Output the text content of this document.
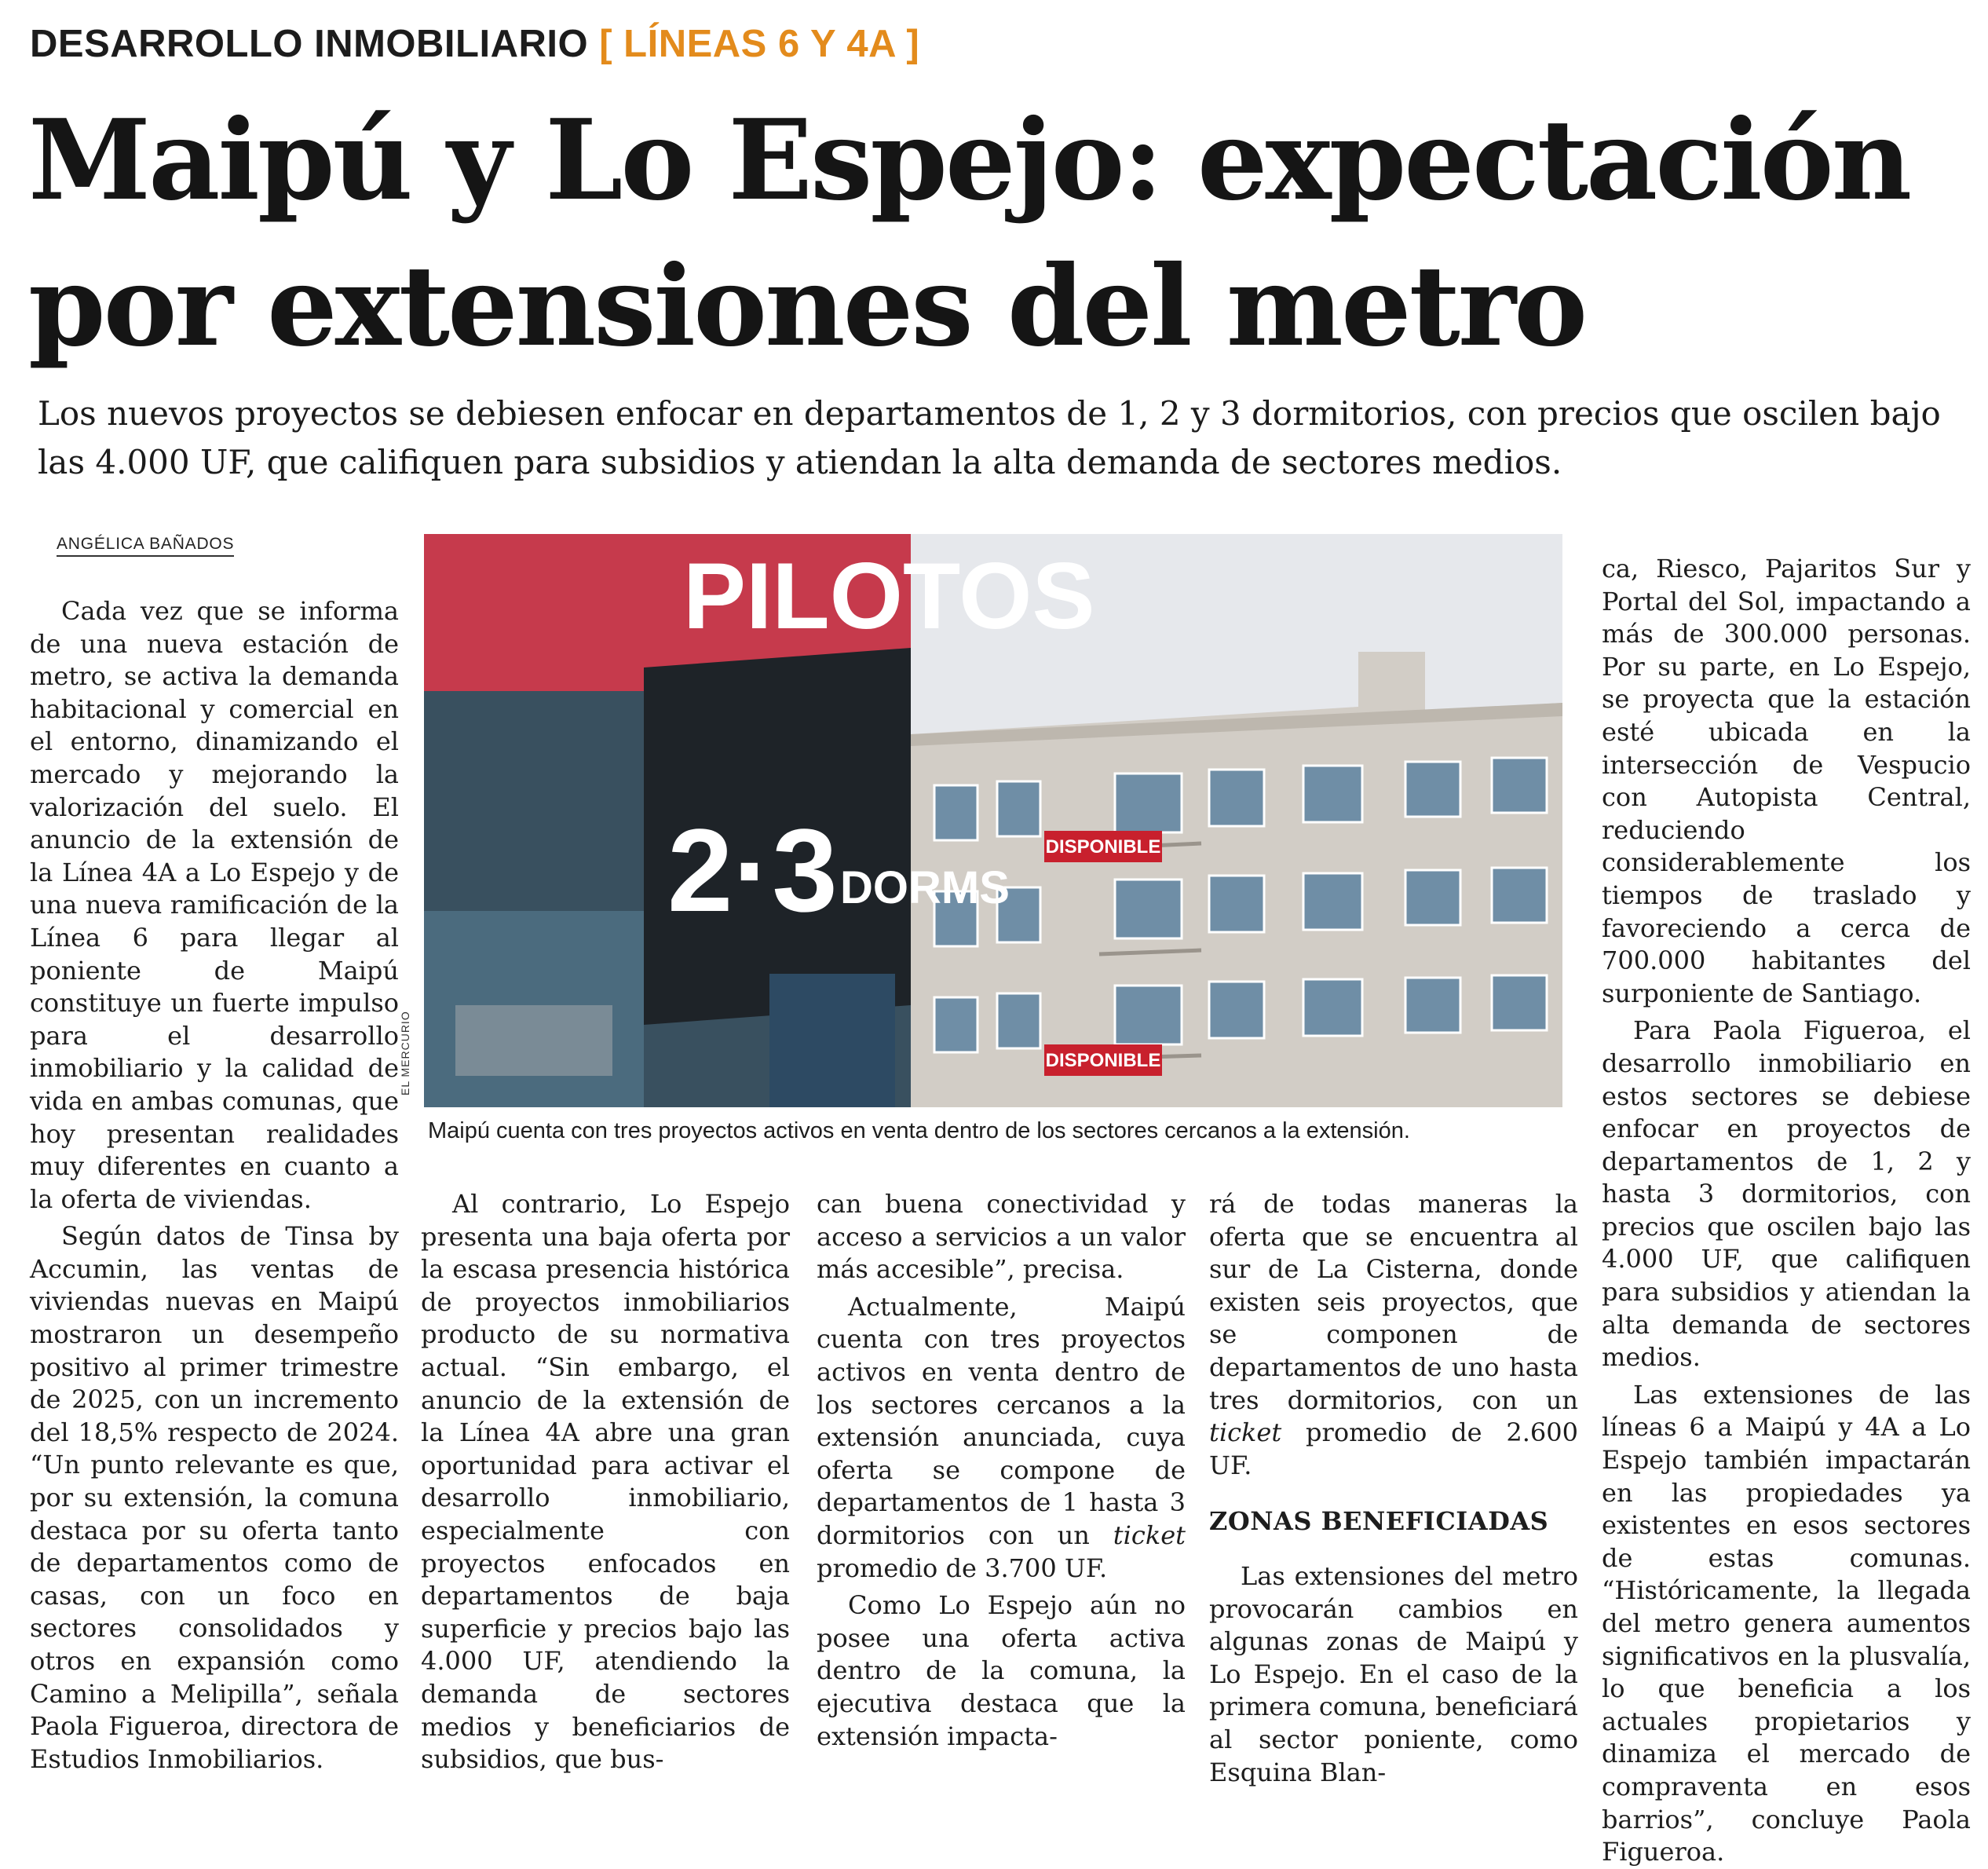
DESARROLLO INMOBILIARIO [ LÍNEAS 6 Y 4A ]
Maipú y Lo Espejo: expectación
por extensiones del metro
Los nuevos proyectos se debiesen enfocar en departamentos de 1, 2 y 3 dormitorios, con precios que oscilen bajo las 4.000 UF, que califiquen para subsidios y atiendan la alta demanda de sectores medios.
ANGÉLICA BAÑADOS

Cada vez que se informa de una nueva estación de metro, se activa la demanda habitacional y comercial en el entorno, dinamizando el mercado y mejorando la valorización del suelo. El anuncio de la extensión de la Línea 4A a Lo Espejo y de una nueva ramificación de la Línea 6 para llegar al poniente de Maipú constituye un fuerte impulso para el desarrollo inmobiliario y la calidad de vida en ambas comunas, que hoy presentan realidades muy diferentes en cuanto a la oferta de viviendas.

Según datos de Tinsa by Accumin, las ventas de viviendas nuevas en Maipú mostraron un desempeño positivo al primer trimestre de 2025, con un incremento del 18,5% respecto de 2024. “Un punto relevante es que, por su extensión, la comuna destaca por su oferta tanto de departamentos como de casas, con un foco en sectores consolidados y otros en expansión como Camino a Melipilla”, señala Paola Figueroa, directora de Estudios Inmobiliarios.

DISPONIBLE
DISPONIBLE
PILOTOS
2·3 DORMS
EL MERCURIO
Maipú cuenta con tres proyectos activos en venta dentro de los sectores cercanos a la extensión.

Al contrario, Lo Espejo presenta una baja oferta por la escasa presencia histórica de proyectos inmobiliarios producto de su normativa actual. “Sin embargo, el anuncio de la extensión de la Línea 4A abre una gran oportunidad para activar el desarrollo inmobiliario, especialmente con proyectos enfocados en departamentos de baja superficie y precios bajo las 4.000 UF, atendiendo la demanda de sectores medios y beneficiarios de subsidios, que bus-

can buena conectividad y acceso a servicios a un valor más accesible”, precisa.

Actualmente, Maipú cuenta con tres proyectos activos en venta dentro de los sectores cercanos a la extensión anunciada, cuya oferta se compone de departamentos de 1 hasta 3 dormitorios con un ticket promedio de 3.700 UF.

Como Lo Espejo aún no posee una oferta activa dentro de la comuna, la ejecutiva destaca que la extensión impacta-

rá de todas maneras la oferta que se encuentra al sur de La Cisterna, donde existen seis proyectos, que se componen de departamentos de uno hasta tres dormitorios, con un ticket promedio de 2.600 UF.

ZONAS BENEFICIADAS

Las extensiones del metro provocarán cambios en algunas zonas de Maipú y Lo Espejo. En el caso de la primera comuna, beneficiará al sector poniente, como Esquina Blan-

ca, Riesco, Pajaritos Sur y Portal del Sol, impactando a más de 300.000 personas. Por su parte, en Lo Espejo, se proyecta que la estación esté ubicada en la intersección de Vespucio con Autopista Central, reduciendo considerablemente los tiempos de traslado y favoreciendo a cerca de 700.000 habitantes del surponiente de Santiago.

Para Paola Figueroa, el desarrollo inmobiliario en estos sectores se debiese enfocar en proyectos de departamentos de 1, 2 y hasta 3 dormitorios, con precios que oscilen bajo las 4.000 UF, que califiquen para subsidios y atiendan la alta demanda de sectores medios.

Las extensiones de las líneas 6 a Maipú y 4A a Lo Espejo también impactarán en las propiedades ya existentes en esos sectores de estas comunas. “Históricamente, la llegada del metro genera aumentos significativos en la plusvalía, lo que beneficia a los actuales propietarios y dinamiza el mercado de compraventa en esos barrios”, concluye Paola Figueroa.
